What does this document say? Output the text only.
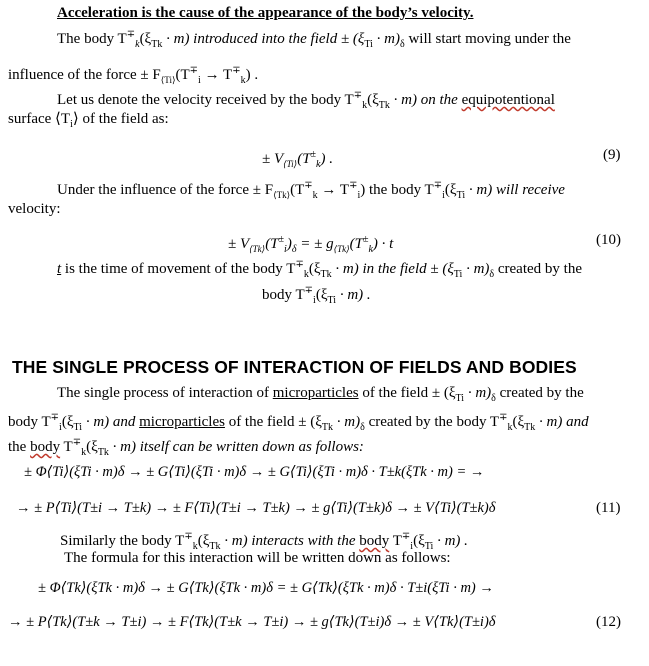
Acceleration is the cause of the appearance of the body’s velocity.
The body $T^\mp_k(\xi_{Tk} \cdot m)$ introduced into the field ± $(\xi_{Ti} \cdot m)_\delta$ will start moving under the
influence of the force ± $F_{⟨Ti⟩}(T^\mp_i \to T^\mp_k)$ .
Let us denote the velocity received by the body $T^\mp_k(\xi_{Tk} \cdot m)$ on the equipotentional
surface $⟨T_i⟩$ of the field as:
± $V_{⟨Ti⟩}(T^\pm_k)$ .	(9)
Under the influence of the force ± $F_{⟨Tk⟩}(T^\mp_k \to T^\mp_i)$ the body $T^\mp_i(\xi_{Ti} \cdot m)$ will receive
velocity:
± $V_{⟨Tk⟩}(T^\pm_i)_\delta$ = ± $g_{⟨Tk⟩}(T^\pm_k) \cdot t$	(10)
t is the time of movement of the body $T^\mp_k(\xi_{Tk} \cdot m)$ in the field ± $(\xi_{Ti} \cdot m)_\delta$ created by the
body $T^\mp_i(\xi_{Ti} \cdot m)$ .
THE SINGLE PROCESS OF INTERACTION OF FIELDS AND BODIES
The single process of interaction of microparticles of the field ± $(\xi_{Ti} \cdot m)_\delta$ created by the
body $T^\mp_i(\xi_{Ti} \cdot m)$ and microparticles of the field ± $(\xi_{Tk} \cdot m)_\delta$ created by the body $T^\mp_k(\xi_{Tk} \cdot m)$ and
the body $T^\mp_k(\xi_{Tk} \cdot m)$ itself can be written down as follows:
± Φ⟨Ti⟩(ξTi · m)δ → ± G⟨Ti⟩(ξTi · m)δ → ± G⟨Ti⟩(ξTi · m)δ · T±k(ξTk · m) = →
→ ± P⟨Ti⟩(T±i → T±k) → ± F⟨Ti⟩(T±i → T±k) → ± g⟨Ti⟩(T±k)δ → ± V⟨Ti⟩(T±k)δ	(11)
Similarly the body $T^\mp_k(\xi_{Tk} \cdot m)$ interacts with the body $T^\mp_i(\xi_{Ti} \cdot m)$ .
The formula for this interaction will be written down as follows:
± Φ⟨Tk⟩(ξTk · m)δ → ± G⟨Tk⟩(ξTk · m)δ = ± G⟨Tk⟩(ξTk · m)δ · T±i(ξTi · m) →
→ ± P⟨Tk⟩(T±k → T±i) → ± F⟨Tk⟩(T±k → T±i) → ± g⟨Tk⟩(T±i)δ → ± V⟨Tk⟩(T±i)δ	(12)
